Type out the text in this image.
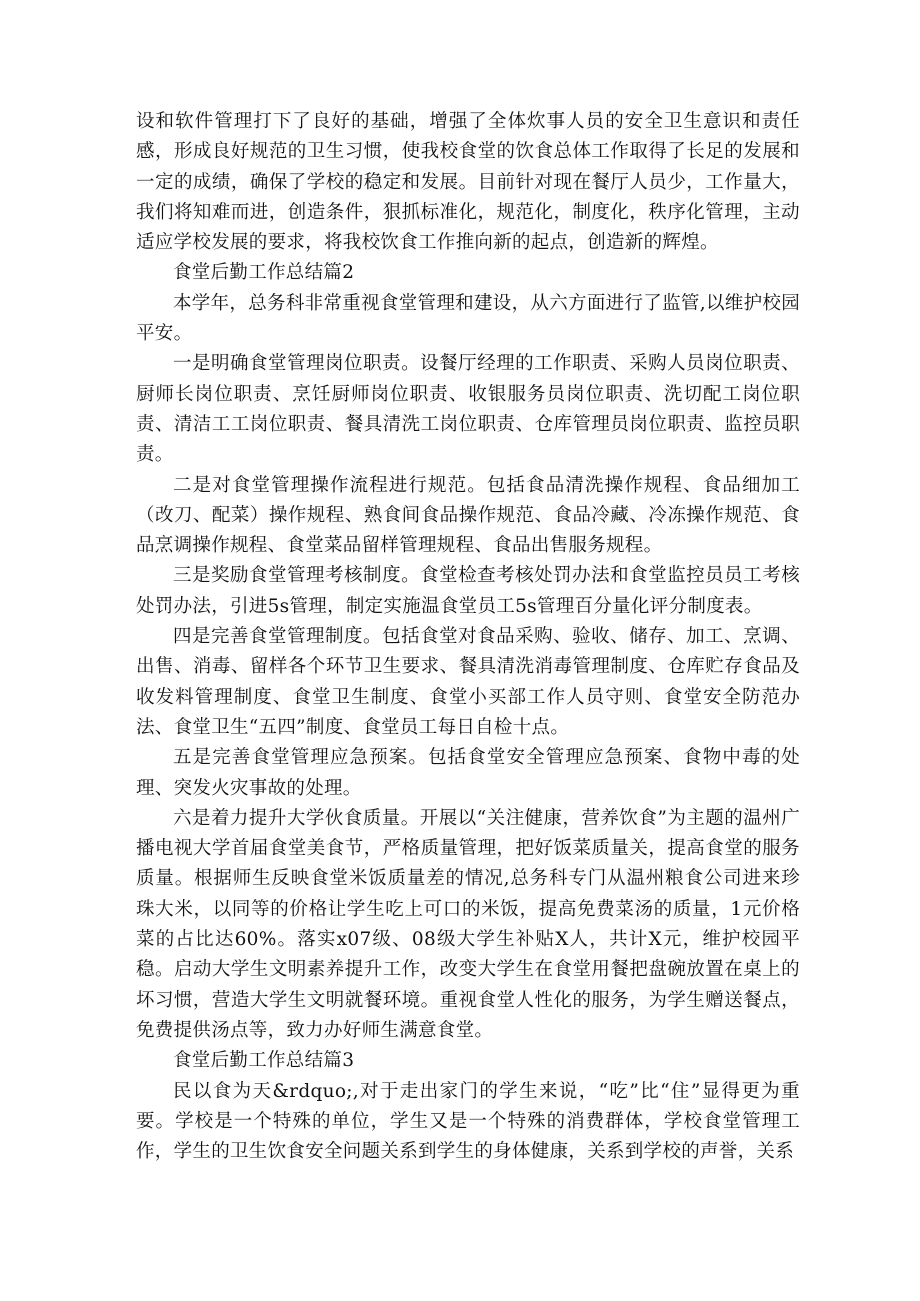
设和软件管理打下了良好的基础，增强了全体炊事人员的安全卫生意识和责任感，形成良好规范的卫生习惯，使我校食堂的饮食总体工作取得了长足的发展和一定的成绩，确保了学校的稳定和发展。目前针对现在餐厅人员少，工作量大，我们将知难而进，创造条件，狠抓标准化，规范化，制度化，秩序化管理，主动适应学校发展的要求，将我校饮食工作推向新的起点，创造新的辉煌。

食堂后勤工作总结篇2

本学年，总务科非常重视食堂管理和建设，从六方面进行了监管,以维护校园平安。

一是明确食堂管理岗位职责。设餐厅经理的工作职责、采购人员岗位职责、厨师长岗位职责、烹饪厨师岗位职责、收银服务员岗位职责、洗切配工岗位职责、清洁工工岗位职责、餐具清洗工岗位职责、仓库管理员岗位职责、监控员职责。

二是对食堂管理操作流程进行规范。包括食品清洗操作规程、食品细加工（改刀、配菜）操作规程、熟食间食品操作规范、食品冷藏、冷冻操作规范、食品烹调操作规程、食堂菜品留样管理规程、食品出售服务规程。

三是奖励食堂管理考核制度。食堂检查考核处罚办法和食堂监控员员工考核处罚办法，引进5s管理，制定实施温食堂员工5s管理百分量化评分制度表。

四是完善食堂管理制度。包括食堂对食品采购、验收、储存、加工、烹调、出售、消毒、留样各个环节卫生要求、餐具清洗消毒管理制度、仓库贮存食品及收发料管理制度、食堂卫生制度、食堂小买部工作人员守则、食堂安全防范办法、食堂卫生“五四”制度、食堂员工每日自检十点。

五是完善食堂管理应急预案。包括食堂安全管理应急预案、食物中毒的处理、突发火灾事故的处理。

六是着力提升大学伙食质量。开展以“关注健康，营养饮食”为主题的温州广播电视大学首届食堂美食节，严格质量管理，把好饭菜质量关，提高食堂的服务质量。根据师生反映食堂米饭质量差的情况,总务科专门从温州粮食公司进来珍珠大米，以同等的价格让学生吃上可口的米饭，提高免费菜汤的质量，1元价格菜的占比达60%。落实x07级、08级大学生补贴X人，共计X元，维护校园平稳。启动大学生文明素养提升工作，改变大学生在食堂用餐把盘碗放置在桌上的坏习惯，营造大学生文明就餐环境。重视食堂人性化的服务，为学生赠送餐点，免费提供汤点等，致力办好师生满意食堂。

食堂后勤工作总结篇3

民以食为天&rdquo;,对于走出家门的学生来说，“吃”比“住”显得更为重要。学校是一个特殊的单位，学生又是一个特殊的消费群体，学校食堂管理工作，学生的卫生饮食安全问题关系到学生的身体健康，关系到学校的声誉，关系
